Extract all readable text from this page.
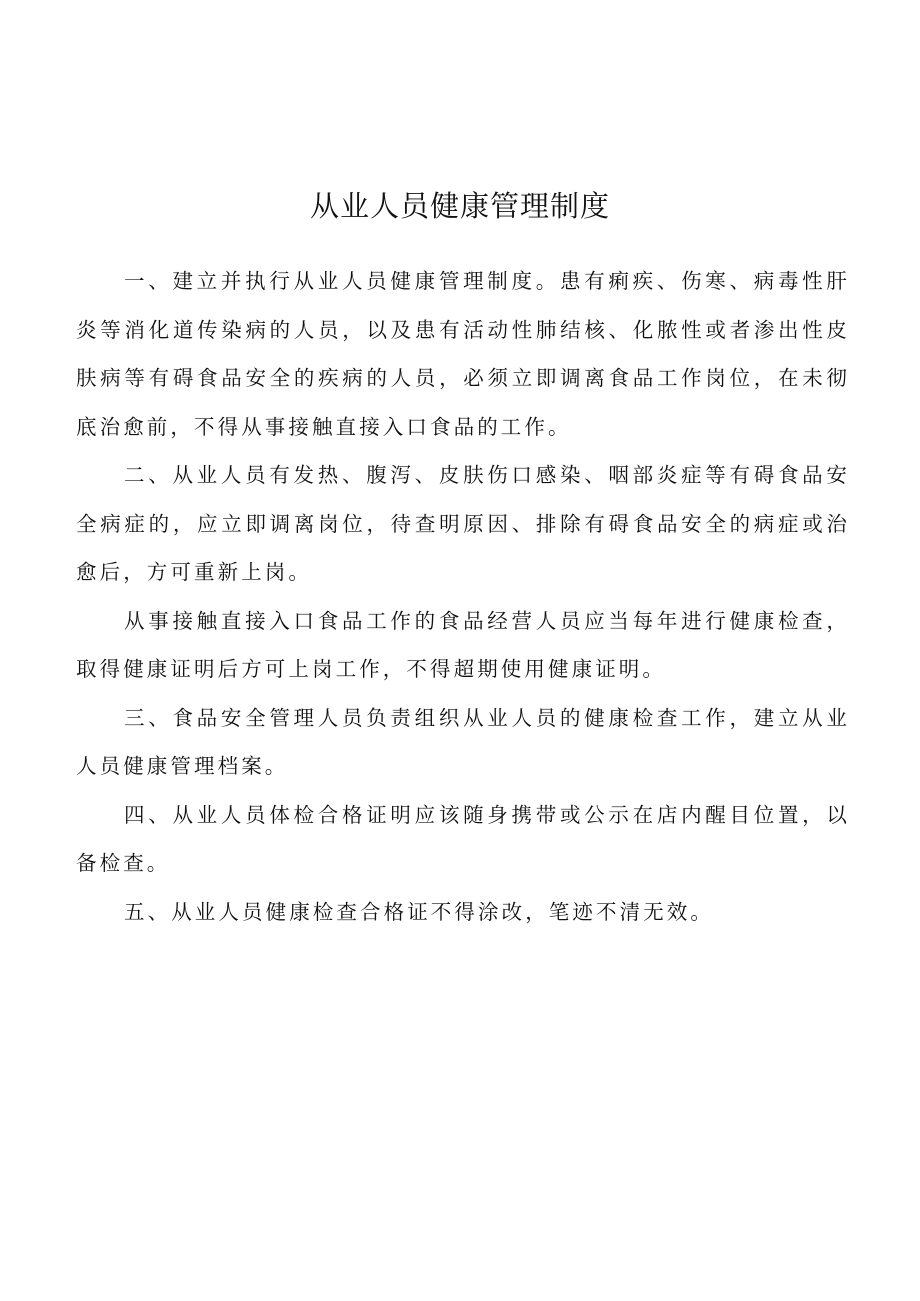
从业人员健康管理制度

一、建立并执行从业人员健康管理制度。患有痢疾、伤寒、病毒性肝炎等消化道传染病的人员，以及患有活动性肺结核、化脓性或者渗出性皮肤病等有碍食品安全的疾病的人员，必须立即调离食品工作岗位，在未彻底治愈前，不得从事接触直接入口食品的工作。

二、从业人员有发热、腹泻、皮肤伤口感染、咽部炎症等有碍食品安全病症的，应立即调离岗位，待查明原因、排除有碍食品安全的病症或治愈后，方可重新上岗。

从事接触直接入口食品工作的食品经营人员应当每年进行健康检查，取得健康证明后方可上岗工作，不得超期使用健康证明。

三、食品安全管理人员负责组织从业人员的健康检查工作，建立从业人员健康管理档案。

四、从业人员体检合格证明应该随身携带或公示在店内醒目位置，以备检查。

五、从业人员健康检查合格证不得涂改，笔迹不清无效。
